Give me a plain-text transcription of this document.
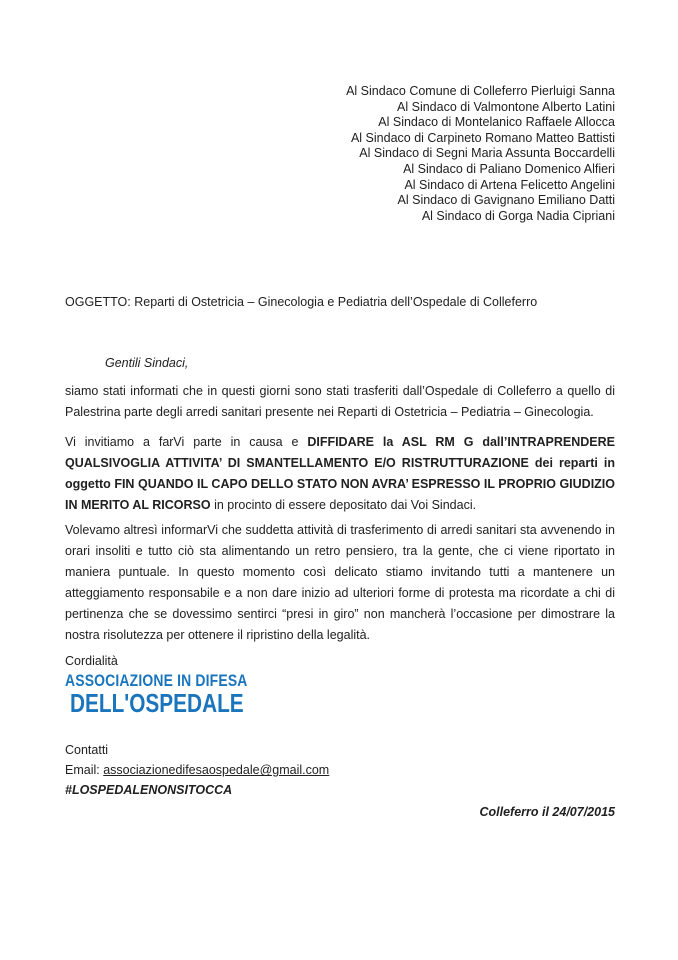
Al Sindaco Comune di Colleferro Pierluigi Sanna
Al Sindaco di Valmontone Alberto Latini
Al Sindaco di Montelanico Raffaele Allocca
Al Sindaco di Carpineto Romano Matteo Battisti
Al Sindaco di Segni Maria Assunta Boccardelli
Al Sindaco di Paliano Domenico Alfieri
Al Sindaco di Artena Felicetto Angelini
Al Sindaco di Gavignano Emiliano Datti
Al Sindaco di Gorga Nadia Cipriani
OGGETTO: Reparti di Ostetricia – Ginecologia e Pediatria dell’Ospedale di Colleferro
Gentili Sindaci,

siamo stati informati che in questi giorni sono stati trasferiti dall’Ospedale di Colleferro a quello di Palestrina parte degli arredi sanitari presente nei Reparti di Ostetricia – Pediatria – Ginecologia.

Vi invitiamo a farVi parte in causa e DIFFIDARE la ASL RM G dall’INTRAPRENDERE QUALSIVOGLIA ATTIVITA’ DI SMANTELLAMENTO E/O RISTRUTTURAZIONE dei reparti in oggetto FIN QUANDO IL CAPO DELLO STATO NON AVRA’ ESPRESSO IL PROPRIO GIUDIZIO IN MERITO AL RICORSO in procinto di essere depositato dai Voi Sindaci.

Volevamo altresì informarVi che suddetta attività di trasferimento di arredi sanitari sta avvenendo in orari insoliti e tutto ciò sta alimentando un retro pensiero, tra la gente, che ci viene riportato in maniera puntuale. In questo momento così delicato stiamo invitando tutti a mantenere un atteggiamento responsabile e a non dare inizio ad ulteriori forme di protesta ma ricordate a chi di pertinenza che se dovessimo sentirci “presi in giro” non mancherà l’occasione per dimostrare la nostra risolutezza per ottenere il ripristino della legalità.

Cordialità
ASSOCIAZIONE IN DIFESA
DELL'OSPEDALE
Contatti
Email: associazionedifesaospedale@gmail.com
#LOSPEDALENONSITOCCA
Colleferro il 24/07/2015
